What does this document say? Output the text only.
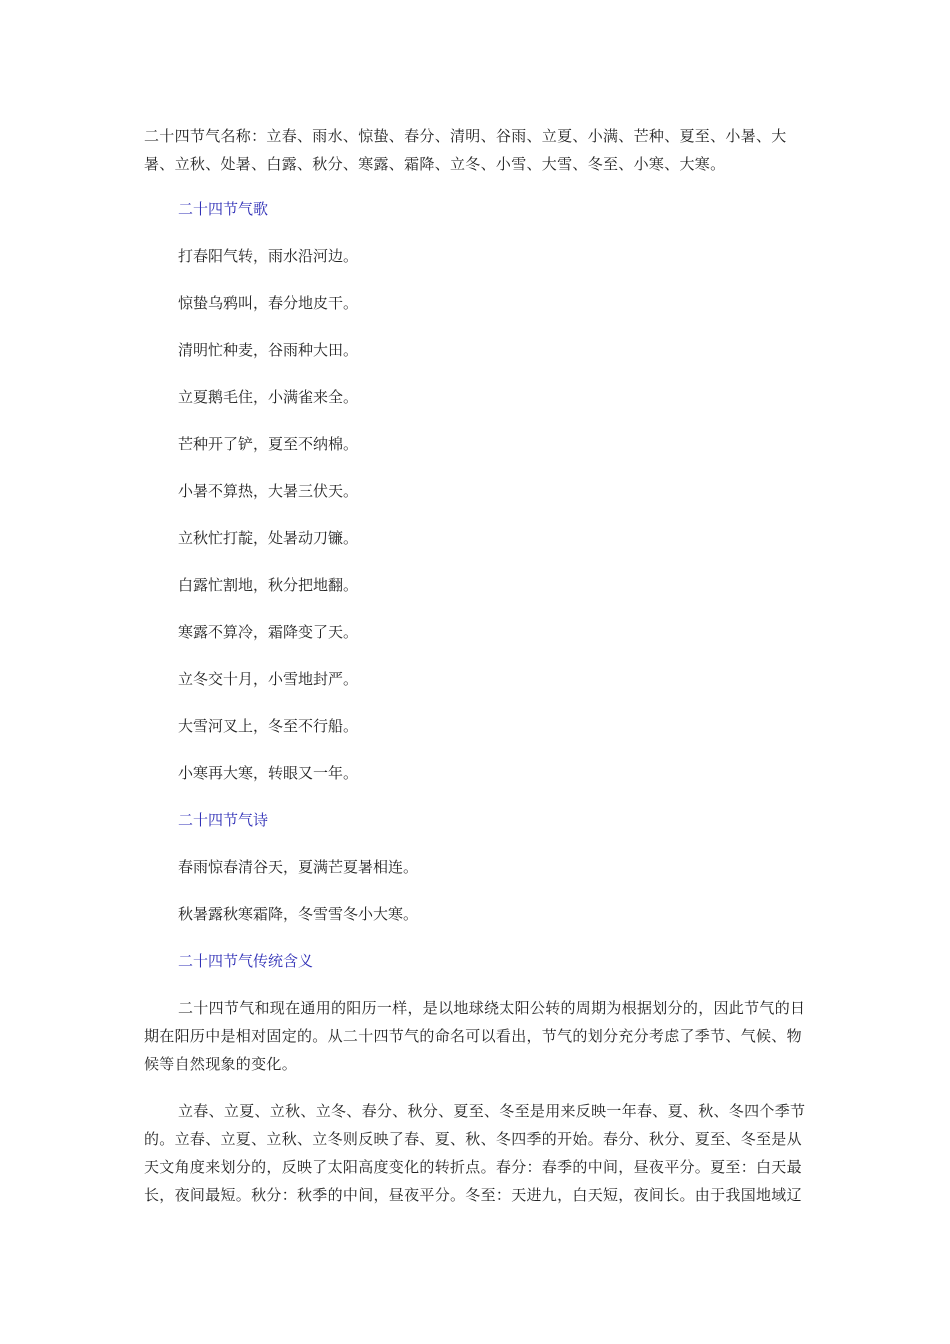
二十四节气名称：立春、雨水、惊蛰、春分、清明、谷雨、立夏、小满、芒种、夏至、小暑、大暑、立秋、处暑、白露、秋分、寒露、霜降、立冬、小雪、大雪、冬至、小寒、大寒。

二十四节气歌

打春阳气转，雨水沿河边。

惊蛰乌鸦叫，春分地皮干。

清明忙种麦，谷雨种大田。

立夏鹅毛住，小满雀来全。

芒种开了铲，夏至不纳棉。

小暑不算热，大暑三伏天。

立秋忙打靛，处暑动刀镰。

白露忙割地，秋分把地翻。

寒露不算冷，霜降变了天。

立冬交十月，小雪地封严。

大雪河叉上，冬至不行船。

小寒再大寒，转眼又一年。

二十四节气诗

春雨惊春清谷天，夏满芒夏暑相连。

秋暑露秋寒霜降，冬雪雪冬小大寒。

二十四节气传统含义

二十四节气和现在通用的阳历一样，是以地球绕太阳公转的周期为根据划分的，因此节气的日期在阳历中是相对固定的。从二十四节气的命名可以看出，节气的划分充分考虑了季节、气候、物候等自然现象的变化。

立春、立夏、立秋、立冬、春分、秋分、夏至、冬至是用来反映一年春、夏、秋、冬四个季节的。立春、立夏、立秋、立冬则反映了春、夏、秋、冬四季的开始。春分、秋分、夏至、冬至是从天文角度来划分的，反映了太阳高度变化的转折点。春分：春季的中间，昼夜平分。夏至：白天最长，夜间最短。秋分：秋季的中间，昼夜平分。冬至：天进九，白天短，夜间长。由于我国地域辽
